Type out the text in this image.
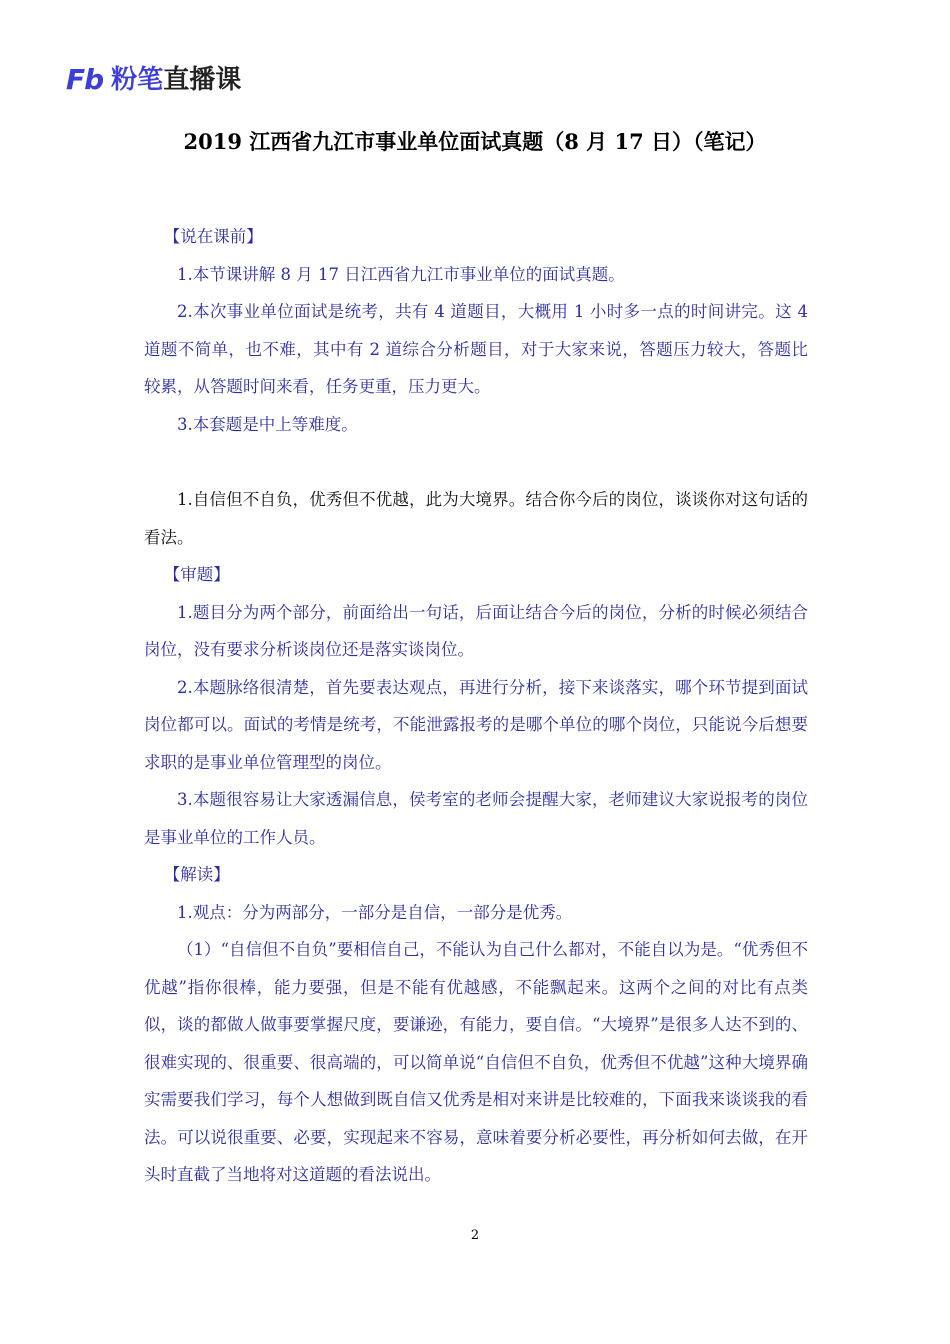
Fb 粉笔直播课
2019 江西省九江市事业单位面试真题（8 月 17 日）（笔记）

【说在课前】

1.本节课讲解 8 月 17 日江西省九江市事业单位的面试真题。

2.本次事业单位面试是统考，共有 4 道题目，大概用 1 小时多一点的时间讲完。这 4 道题不简单，也不难，其中有 2 道综合分析题目，对于大家来说，答题压力较大，答题比较累，从答题时间来看，任务更重，压力更大。

3.本套题是中上等难度。

1.自信但不自负，优秀但不优越，此为大境界。结合你今后的岗位，谈谈你对这句话的看法。

【审题】

1.题目分为两个部分，前面给出一句话，后面让结合今后的岗位，分析的时候必须结合岗位，没有要求分析谈岗位还是落实谈岗位。

2.本题脉络很清楚，首先要表达观点，再进行分析，接下来谈落实，哪个环节提到面试岗位都可以。面试的考情是统考，不能泄露报考的是哪个单位的哪个岗位，只能说今后想要求职的是事业单位管理型的岗位。

3.本题很容易让大家透漏信息，侯考室的老师会提醒大家，老师建议大家说报考的岗位是事业单位的工作人员。

【解读】

1.观点：分为两部分，一部分是自信，一部分是优秀。

（1）“自信但不自负”要相信自己，不能认为自己什么都对，不能自以为是。“优秀但不优越”指你很棒，能力要强，但是不能有优越感，不能飘起来。这两个之间的对比有点类似，谈的都做人做事要掌握尺度，要谦逊，有能力，要自信。“大境界”是很多人达不到的、很难实现的、很重要、很高端的，可以简单说“自信但不自负，优秀但不优越”这种大境界确实需要我们学习，每个人想做到既自信又优秀是相对来讲是比较难的，下面我来谈谈我的看法。可以说很重要、必要，实现起来不容易，意味着要分析必要性，再分析如何去做，在开头时直截了当地将对这道题的看法说出。

2
